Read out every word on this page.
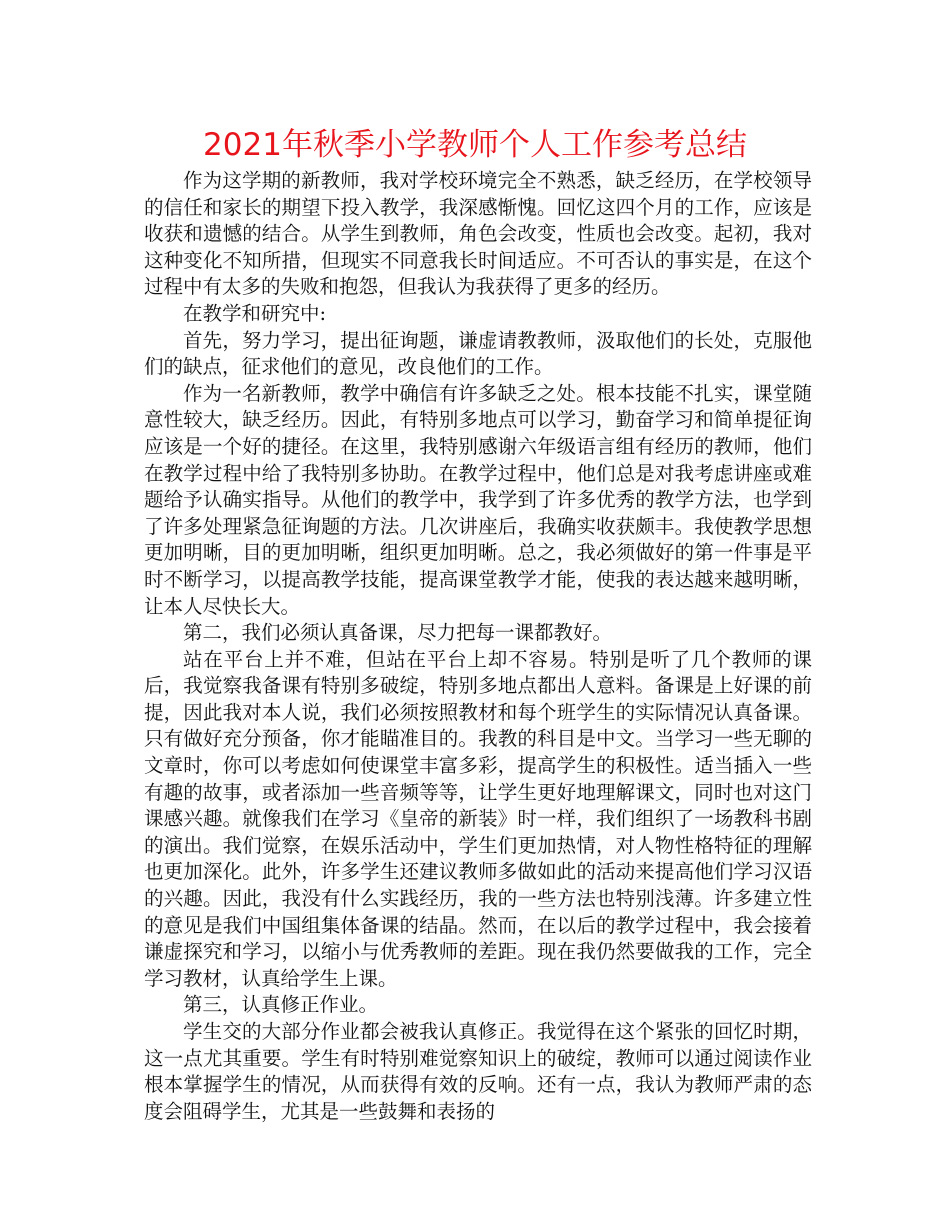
2021年秋季小学教师个人工作参考总结

作为这学期的新教师，我对学校环境完全不熟悉，缺乏经历，在学校领导的信任和家长的期望下投入教学，我深感惭愧。回忆这四个月的工作，应该是收获和遗憾的结合。从学生到教师，角色会改变，性质也会改变。起初，我对这种变化不知所措，但现实不同意我长时间适应。不可否认的事实是，在这个过程中有太多的失败和抱怨，但我认为我获得了更多的经历。

在教学和研究中:

首先，努力学习，提出征询题，谦虚请教教师，汲取他们的长处，克服他们的缺点，征求他们的意见，改良他们的工作。

作为一名新教师，教学中确信有许多缺乏之处。根本技能不扎实，课堂随意性较大，缺乏经历。因此，有特别多地点可以学习，勤奋学习和简单提征询应该是一个好的捷径。在这里，我特别感谢六年级语言组有经历的教师，他们在教学过程中给了我特别多协助。在教学过程中，他们总是对我考虑讲座或难题给予认确实指导。从他们的教学中，我学到了许多优秀的教学方法，也学到了许多处理紧急征询题的方法。几次讲座后，我确实收获颇丰。我使教学思想更加明晰，目的更加明晰，组织更加明晰。总之，我必须做好的第一件事是平时不断学习，以提高教学技能，提高课堂教学才能，使我的表达越来越明晰，让本人尽快长大。

第二，我们必须认真备课，尽力把每一课都教好。

站在平台上并不难，但站在平台上却不容易。特别是听了几个教师的课后，我觉察我备课有特别多破绽，特别多地点都出人意料。备课是上好课的前提，因此我对本人说，我们必须按照教材和每个班学生的实际情况认真备课。只有做好充分预备，你才能瞄准目的。我教的科目是中文。当学习一些无聊的文章时，你可以考虑如何使课堂丰富多彩，提高学生的积极性。适当插入一些有趣的故事，或者添加一些音频等等，让学生更好地理解课文，同时也对这门课感兴趣。就像我们在学习《皇帝的新装》时一样，我们组织了一场教科书剧的演出。我们觉察，在娱乐活动中，学生们更加热情，对人物性格特征的理解也更加深化。此外，许多学生还建议教师多做如此的活动来提高他们学习汉语的兴趣。因此，我没有什么实践经历，我的一些方法也特别浅薄。许多建立性的意见是我们中国组集体备课的结晶。然而，在以后的教学过程中，我会接着谦虚探究和学习，以缩小与优秀教师的差距。现在我仍然要做我的工作，完全学习教材，认真给学生上课。

第三，认真修正作业。

学生交的大部分作业都会被我认真修正。我觉得在这个紧张的回忆时期，这一点尤其重要。学生有时特别难觉察知识上的破绽，教师可以通过阅读作业根本掌握学生的情况，从而获得有效的反响。还有一点，我认为教师严肃的态度会阻碍学生，尤其是一些鼓舞和表扬的
